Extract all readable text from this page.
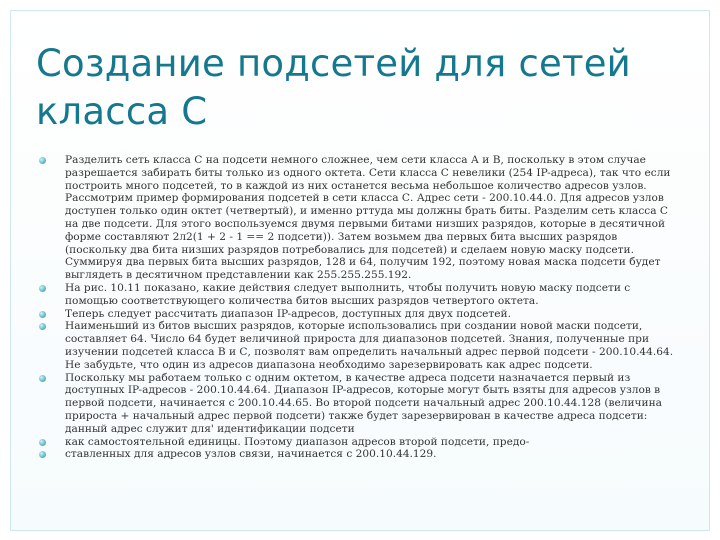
Создание подсетей для сетей класса С
Разделить сеть класса С на подсети немного сложнее, чем сети класса А и В, поскольку в этом случае разрешается забирать биты только из одного октета. Сети класса С невелики (254 IP-адреса), так что если построить много подсетей, то в каждой из них останется весьма небольшое количество адресов узлов. Рассмотрим пример формирования подсетей в сети класса С. Адрес сети - 200.10.44.0. Для адресов узлов доступен только один октет (четвертый), и именно рттуда мы должны брать биты. Разделим сеть класса С на две подсети. Для этого воспользуемся двумя первыми битами низших разрядов, которые в десятичной форме составляют 2л2(1 + 2 - 1 == 2 подсети)). Затем возьмем два первых бита высших разрядов (поскольку два бита низших разрядов потребовались для подсетей) и сделаем новую маску подсети. Суммируя два первых бита высших разрядов, 128 и 64, получим 192, поэтому новая маска подсети будет выглядеть в десятичном представлении как 255.255.255.192.
На рис. 10.11 показано, какие действия следует выполнить, чтобы получить новую маску подсети с помощью соответствующего количества битов высших разрядов четвертого октета.
Теперь следует рассчитать диапазон IP-адресов, доступных для двух подсетей.
Наименьший из битов высших разрядов, которые использовались при создании новой маски подсети, составляет 64. Число 64 будет величиной прироста для диапазонов подсетей. Знания, полученные при изучении подсетей класса В и С, позволят вам определить начальный адрес первой подсети - 200.10.44.64. Не забудьте, что один из адресов диапазона необходимо зарезервировать как адрес подсети.
Поскольку мы работаем только с одним октетом, в качестве адреса подсети назначается первый из доступных IP-адресов - 200.10.44.64. Диапазон IP-адресов, которые могут быть взяты для адресов узлов в первой подсети, начинается с 200.10.44.65. Во второй подсети начальный адрес 200.10.44.128 (величина прироста + начальный адрес первой подсети) также будет зарезервирован в качестве адреса подсети: данный адрес служит для' идентификации подсети
как самостоятельной единицы. Поэтому диапазон адресов второй подсети, предо-
ставленных для адресов узлов связи, начинается с 200.10.44.129.
